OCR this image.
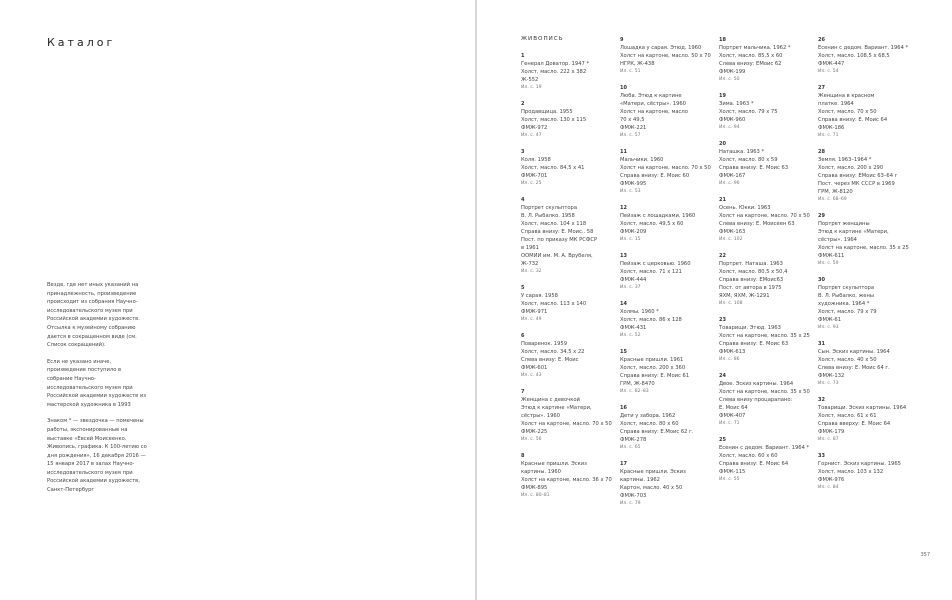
Каталог

Везде, где нет иных указаний на принадлежность, произведение происходит из собрания Научно-исследовательского музея при Российской академии художеств. Отсылка к музейному собранию дается в сокращенном виде (см. Список сокращений).

Если не указано иначе, произведение поступило в собрание Научно-исследовательского музея при Российской академии художеств из мастерской художника в 1993

Знаком * — звездочка — помечены работы, экспонированные на выставке «Евсей Моисеенко. Живопись, графика. К 100-летию со дня рождения», 16 декабря 2016 — 15 января 2017 в залах Научно-исследовательского музея при Российской академии художеств, Санкт-Петербург

ЖИВОПИСЬ
1
Генерал Доватор. 1947 *
Холст, масло. 222 х 382
Ж-552
Ил. с. 19
2
Продавщица. 1955
Холст, масло. 130 х 115
ФМЖ-972
Ил. с. 47
3
Коля. 1958
Холст, масло. 84,5 х 41
ФМЖ-701
Ил. с. 25
4
Портрет скульптора
В. Л. Рыбалко. 1958
Холст, масло. 104 х 118
Справа внизу: Е. Моис.. 58
Пост. по приказу МК РСФСР
в 1961
ООМИИ им. М. А. Врубеля,
Ж-732
Ил. с. 32
5
У сарая. 1958
Холст, масло. 113 х 140
ФМЖ-971
Ил. с. 49
6
Поваренок. 1959
Холст, масло. 34,5 х 22
Слева внизу: Е. Моис
ФМЖ-601
Ил. с. 43
7
Женщина с девочкой
Этюд к картине «Матери,
сёстры». 1960
Холст на картоне, масло. 70 х 50
ФМЖ-225
Ил. с. 56
8
Красные пришли. Эскиз
картины. 1960
Холст на картоне, масло. 36 х 70
ФМЖ-895
Ил. с. 80–81
9
Лошадка у сарая. Этюд. 1960
Холст на картоне, масло. 50 х 70
НГРК, Ж-438
Ил. с. 51
10
Люба. Этюд к картине
«Матери, сёстры». 1960
Холст на картоне, масло
70 х 49,5
ФМЖ-221
Ил. с. 57
11
Мальчики. 1960
Холст на картоне, масло. 70 х 50
Справа внизу: Е. Моис 60
ФМЖ-995
Ил. с. 53
12
Пейзаж с лошадками. 1960
Холст, масло. 49,5 х 60
ФМЖ-209
Ил. с. 15
13
Пейзаж с церковью. 1960
Холст, масло. 71 х 121
ФМЖ-444
Ил. с. 37
14
Холмы. 1960 *
Холст, масло. 86 х 128
ФМЖ-431
Ил. с. 52
15
Красные пришли. 1961
Холст, масло. 200 х 360
Справа внизу: Е. Моис 61
ГРМ, Ж-8470
Ил. с. 82–83
16
Дети у забора. 1962
Холст, масло. 80 х 60
Справа внизу: Е.Моис 62 г.
ФМЖ-278
Ил. с. 65
17
Красные пришли. Эскиз
картины. 1962
Картон, масло. 40 х 50
ФМЖ-703
Ил. с. 79
18
Портрет мальчика. 1962 *
Холст, масло. 85,5 х 60
Слева внизу: ЕМоис 62
ФМЖ-199
Ил. с. 50
19
Зима. 1963 *
Холст, масло. 79 х 75
ФМЖ-960
Ил. с. 94
20
Наташка. 1963 *
Холст, масло. 80 х 59
Справа внизу: Е. Моис 63
ФМЖ-167
Ил. с. 96
21
Осень. Юкки. 1963
Холст на картоне, масло. 70 х 50
Слева внизу: Е. Моисеен 63
ФМЖ-163
Ил. с. 102
22
Портрет. Наташа. 1963
Холст, масло. 80,5 х 50,4
Справа внизу: ЕМоис63
Пост. от автора в 1975
ЯХМ, ЯХМ, Ж-1291
Ил. с. 108
23
Товарищи. Этюд. 1963
Холст на картоне, масло. 35 х 25
Справа внизу: Е. Моис 63
ФМЖ-613
Ил. с. 86
24
Двое. Эскиз картины. 1964
Холст на картоне, масло. 35 х 50
Слева внизу процарапано:
Е. Моис 64
ФМЖ-407
Ил. с. 71
25
Есенин с дедом. Вариант. 1964 *
Холст, масло. 60 х 60
Справа внизу: Е. Моис 64
ФМЖ-115
Ил. с. 55
26
Есенин с дедом. Вариант. 1964 *
Холст, масло. 108,5 х 68,5
ФМЖ-447
Ил. с. 54
27
Женщина в красном
платке. 1964
Холст, масло. 70 х 50
Справа внизу: Е. Моис 64
ФМЖ-186
Ил. с. 71
28
Земля. 1963–1964 *
Холст, масло. 200 х 290
Справа внизу: ЕМоис 63–64 г
Пост. через МК СССР в 1969
ГРМ, Ж-8120
Ил. с. 68–69
29
Портрет женщины
Этюд к картине «Матери,
сёстры». 1964
Холст на картоне, масло. 35 х 25
ФМЖ-611
Ил. с. 59
30
Портрет скульптора
В. Л. Рыбалко, жены
художника. 1964 *
Холст, масло. 79 х 79
ФМЖ-61
Ил. с. 93
31
Сын. Эскиз картины. 1964
Холст, масло. 40 х 50
Слева внизу: Е. Моис 64 г.
ФМЖ-132
Ил. с. 73
32
Товарищи. Эскиз картины. 1964
Холст, масло. 61 х 61
Справа вверху: Е. Моис 64
ФМЖ-179
Ил. с. 87
33
Горнист. Эскиз картины. 1965
Холст, масло. 103 х 132
ФМЖ-976
Ил. с. 84
357
